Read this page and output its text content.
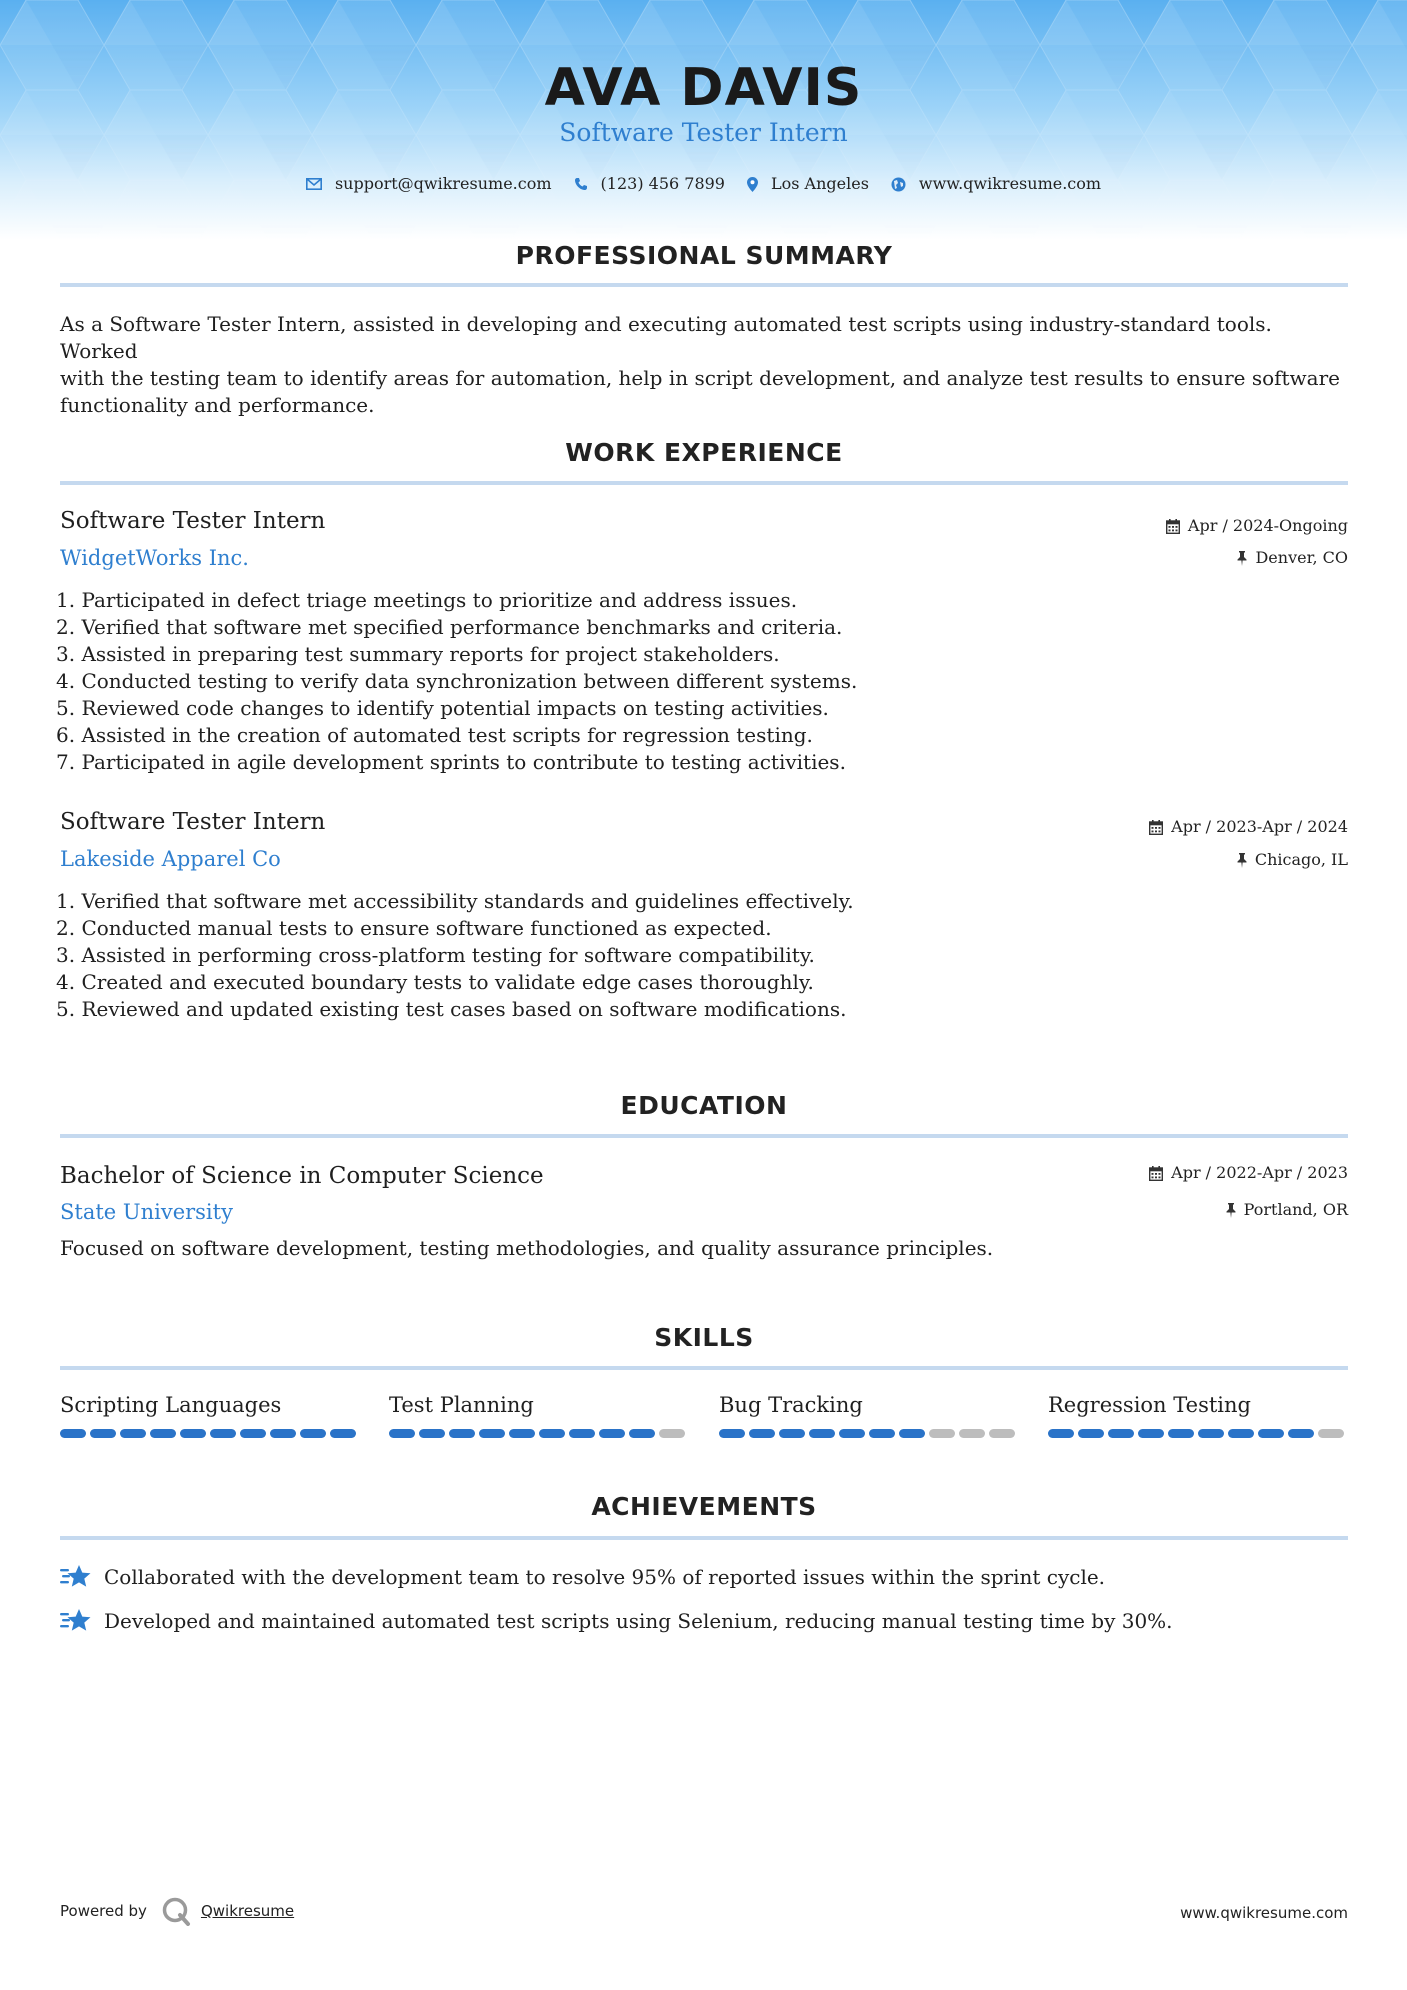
AVA DAVIS
Software Tester Intern
support@qwikresume.com	(123) 456 7899	Los Angeles	www.qwikresume.com
PROFESSIONAL SUMMARY
As a Software Tester Intern, assisted in developing and executing automated test scripts using industry-standard tools. Worked
with the testing team to identify areas for automation, help in script development, and analyze test results to ensure software
functionality and performance.
WORK EXPERIENCE
Software Tester Intern	Apr / 2024-Ongoing
WidgetWorks Inc.	Denver, CO
1. Participated in defect triage meetings to prioritize and address issues.
2. Verified that software met specified performance benchmarks and criteria.
3. Assisted in preparing test summary reports for project stakeholders.
4. Conducted testing to verify data synchronization between different systems.
5. Reviewed code changes to identify potential impacts on testing activities.
6. Assisted in the creation of automated test scripts for regression testing.
7. Participated in agile development sprints to contribute to testing activities.
Software Tester Intern	Apr / 2023-Apr / 2024
Lakeside Apparel Co	Chicago, IL
1. Verified that software met accessibility standards and guidelines effectively.
2. Conducted manual tests to ensure software functioned as expected.
3. Assisted in performing cross-platform testing for software compatibility.
4. Created and executed boundary tests to validate edge cases thoroughly.
5. Reviewed and updated existing test cases based on software modifications.
EDUCATION
Bachelor of Science in Computer Science	Apr / 2022-Apr / 2023
State University	Portland, OR
Focused on software development, testing methodologies, and quality assurance principles.
SKILLS
Scripting Languages	Test Planning	Bug Tracking	Regression Testing
ACHIEVEMENTS
Collaborated with the development team to resolve 95% of reported issues within the sprint cycle.
Developed and maintained automated test scripts using Selenium, reducing manual testing time by 30%.
Powered by	Qwikresume	www.qwikresume.com
